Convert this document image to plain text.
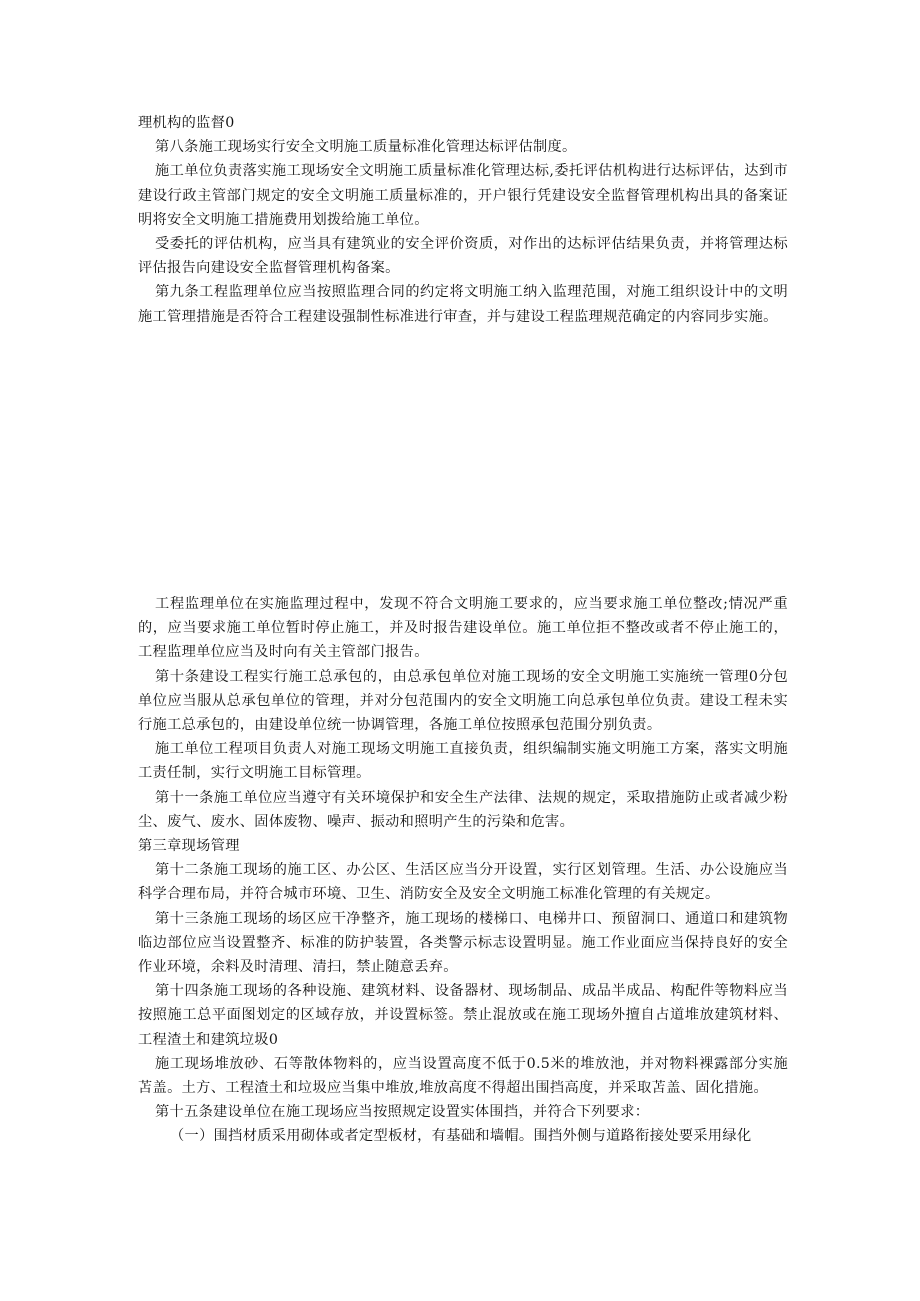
理机构的监督0

第八条施工现场实行安全文明施工质量标准化管理达标评估制度。

施工单位负责落实施工现场安全文明施工质量标准化管理达标,委托评估机构进行达标评估，达到市建设行政主管部门规定的安全文明施工质量标准的，开户银行凭建设安全监督管理机构出具的备案证明将安全文明施工措施费用划拨给施工单位。

受委托的评估机构，应当具有建筑业的安全评价资质，对作出的达标评估结果负责，并将管理达标评估报告向建设安全监督管理机构备案。

第九条工程监理单位应当按照监理合同的约定将文明施工纳入监理范围，对施工组织设计中的文明施工管理措施是否符合工程建设强制性标准进行审查，并与建设工程监理规范确定的内容同步实施。

工程监理单位在实施监理过程中，发现不符合文明施工要求的，应当要求施工单位整改;情况严重的，应当要求施工单位暂时停止施工，并及时报告建设单位。施工单位拒不整改或者不停止施工的，工程监理单位应当及时向有关主管部门报告。

第十条建设工程实行施工总承包的，由总承包单位对施工现场的安全文明施工实施统一管理0分包单位应当服从总承包单位的管理，并对分包范围内的安全文明施工向总承包单位负责。建设工程未实行施工总承包的，由建设单位统一协调管理，各施工单位按照承包范围分别负责。

施工单位工程项目负责人对施工现场文明施工直接负责，组织编制实施文明施工方案，落实文明施工责任制，实行文明施工目标管理。

第十一条施工单位应当遵守有关环境保护和安全生产法律、法规的规定，采取措施防止或者减少粉尘、废气、废水、固体废物、噪声、振动和照明产生的污染和危害。

第三章现场管理

第十二条施工现场的施工区、办公区、生活区应当分开设置，实行区划管理。生活、办公设施应当科学合理布局，并符合城市环境、卫生、消防安全及安全文明施工标准化管理的有关规定。

第十三条施工现场的场区应干净整齐，施工现场的楼梯口、电梯井口、预留洞口、通道口和建筑物临边部位应当设置整齐、标准的防护装置，各类警示标志设置明显。施工作业面应当保持良好的安全作业环境，余料及时清理、清扫，禁止随意丢弃。

第十四条施工现场的各种设施、建筑材料、设备器材、现场制品、成品半成品、构配件等物料应当按照施工总平面图划定的区域存放，并设置标签。禁止混放或在施工现场外擅自占道堆放建筑材料、工程渣土和建筑垃圾0

施工现场堆放砂、石等散体物料的，应当设置高度不低于0.5米的堆放池，并对物料裸露部分实施苫盖。土方、工程渣土和垃圾应当集中堆放,堆放高度不得超出围挡高度，并采取苫盖、固化措施。

第十五条建设单位在施工现场应当按照规定设置实体围挡，并符合下列要求：

（一）围挡材质采用砌体或者定型板材，有基础和墙帽。围挡外侧与道路衔接处要采用绿化
